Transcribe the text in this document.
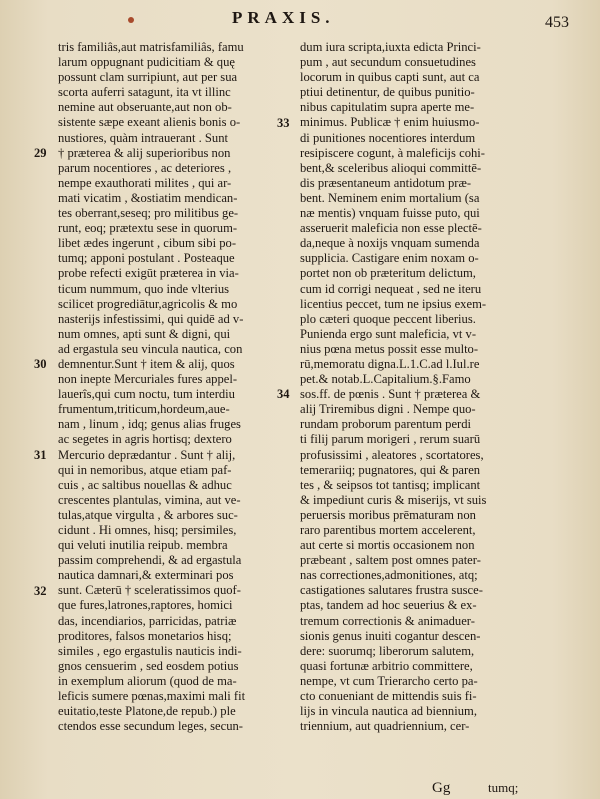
PRAXIS.	453
tris familiâs,aut matrisfamiliâs, famu
larum oppugnant pudicitiam & quę
possunt clam surripiunt, aut per sua
scorta auferri satagunt, ita vt illinc
nemine aut obseruante,aut non ob-
sistente sæpe exeant alienis bonis o-
nustiores, quàm intrauerant . Sunt
† præterea & alij superioribus non
parum nocentiores , ac deteriores ,
nempe exauthorati milites , qui ar-
mati vicatim , &ostiatim mendican-
tes oberrant,seseq; pro militibus ge-
runt, eoq; prætextu sese in quorum-
libet ædes ingerunt , cibum sibi po-
tumq; apponi postulant . Posteaque
probe refecti exigūt præterea in via-
ticum nummum, quo inde vlterius
scilicet progrediātur,agricolis & mo
nasterijs infestissimi, qui quidē ad v-
num omnes, apti sunt & digni, qui
ad ergastula seu vincula nautica, con
demnentur.Sunt † item & alij, quos
non inepte Mercuriales fures appel-
lauerîs,qui cum noctu, tum interdiu
frumentum,triticum,hordeum,aue-
nam , linum , idq; genus alias fruges
ac segetes in agris hortisq; dextero
Mercurio deprædantur . Sunt † alij,
qui in nemoribus, atque etiam paf-
cuis , ac saltibus nouellas & adhuc
crescentes plantulas, vimina, aut ve-
tulas,atque virgulta , & arbores suc-
cidunt . Hi omnes, hisq; persimiles,
qui veluti inutilia reipub. membra
passim comprehendi, & ad ergastula
nautica damnari,& exterminari pos
sunt. Cæterū † sceleratissimos quof-
que fures,latrones,raptores, homici
das, incendiarios, parricidas, patriæ
proditores, falsos monetarios hisq;
similes , ego ergastulis nauticis indi-
gnos censuerim , sed eosdem potius
in exemplum aliorum (quod de ma-
leficis sumere pœnas,maximi mali fit
euitatio,teste Platone,de repub.) ple
ctendos esse secundum leges, secun-
dum iura scripta,iuxta edicta Princi-
pum , aut secundum consuetudines
locorum in quibus capti sunt, aut ca
ptiui detinentur, de quibus punitio-
nibus capitulatim supra aperte me-
minimus. Publicæ † enim huiusmo-
di punitiones nocentiores interdum
resipiscere cogunt, à maleficijs cohi-
bent,& sceleribus alioqui committē-
dis præsentaneum antidotum præ-
bent. Neminem enim mortalium (sa
næ mentis) vnquam fuisse puto, qui
asseruerit maleficia non esse plectē-
da,neque à noxijs vnquam sumenda
supplicia. Castigare enim noxam o-
portet non ob præteritum delictum,
cum id corrigi nequeat , sed ne iteru
licentius peccet, tum ne ipsius exem-
plo cæteri quoque peccent liberius.
Punienda ergo sunt maleficia, vt v-
nius pœna metus possit esse multo-
rū,memoratu digna.L.1.C.ad l.Iul.re
pet.& notab.L.Capitalium.§.Famo
sos.ff. de pœnis . Sunt † præterea &
alij Triremibus digni . Nempe quo-
rundam proborum parentum perdi
ti filij parum morigeri , rerum suarū
profusissimi , aleatores , scortatores,
temerariiq; pugnatores, qui & paren
tes , & seipsos tot tantisq; implicant
& impediunt curis & miserijs, vt suis
peruersis moribus prēmaturam non
raro parentibus mortem accelerent,
aut certe si mortis occasionem non
præbeant , saltem post omnes pater-
nas correctiones,admonitiones, atq;
castigationes salutares frustra susce-
ptas, tandem ad hoc seuerius & ex-
tremum correctionis & animaduer-
sionis genus inuiti cogantur descen-
dere: suorumq; liberorum salutem,
quasi fortunæ arbitrio committere,
nempe, vt cum Trierarcho certo pa-
cto conueniant de mittendis suis fi-
lijs in vincula nautica ad biennium,
triennium, aut quadriennium, cer-
29
30
31
32
33
34
Gg	tumq;
